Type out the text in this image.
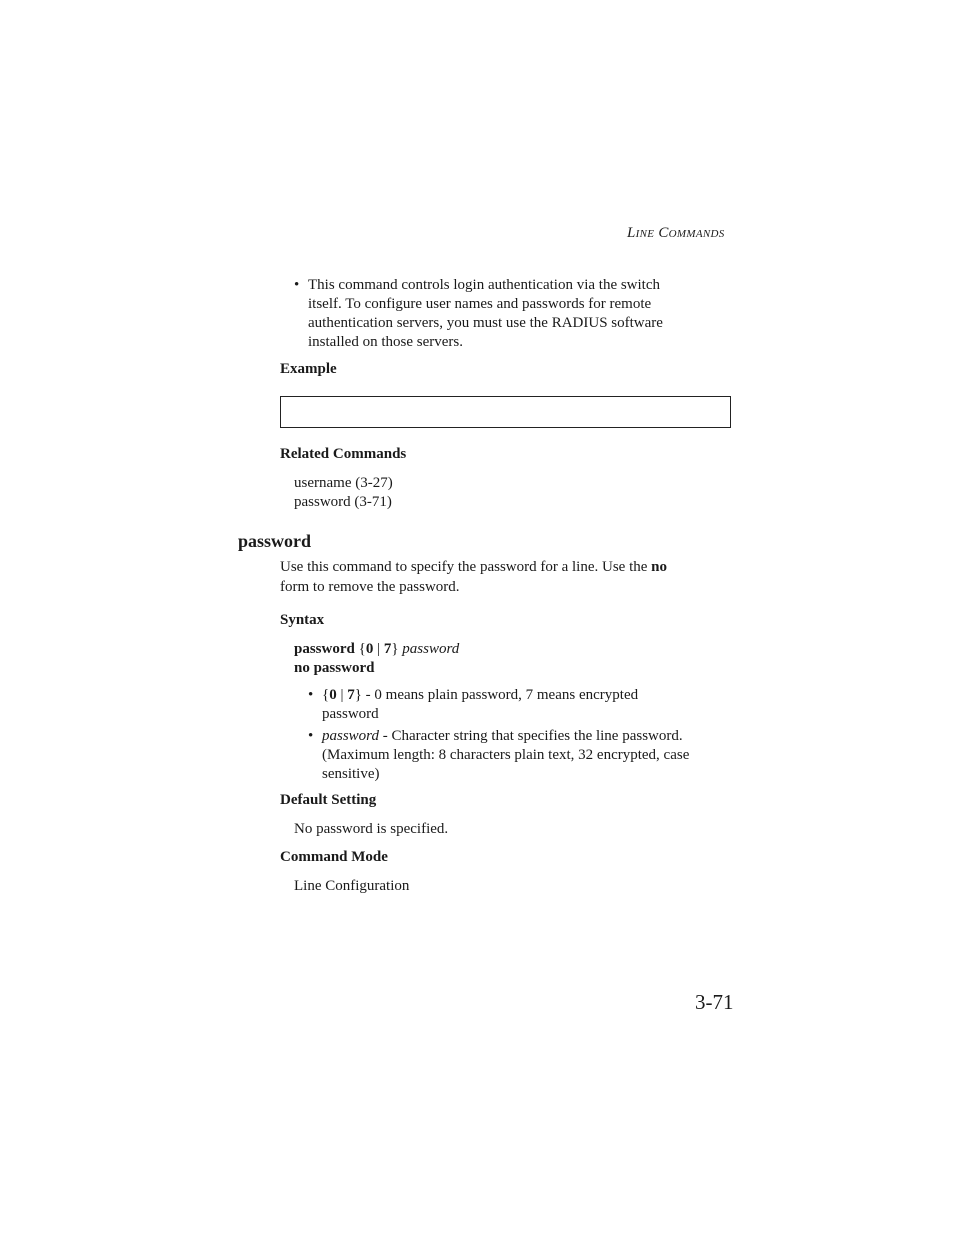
LINE COMMANDS
• This command controls login authentication via the switch
itself. To configure user names and passwords for remote
authentication servers, you must use the RADIUS software
installed on those servers.
Example
Related Commands
username (3-27)
password (3-71)
password
Use this command to specify the password for a line. Use the no
form to remove the password.
Syntax
password {0 | 7} password
no password
• {0 | 7} - 0 means plain password, 7 means encrypted
password
• password - Character string that specifies the line password.
(Maximum length: 8 characters plain text, 32 encrypted, case
sensitive)
Default Setting
No password is specified.
Command Mode
Line Configuration
3-71
